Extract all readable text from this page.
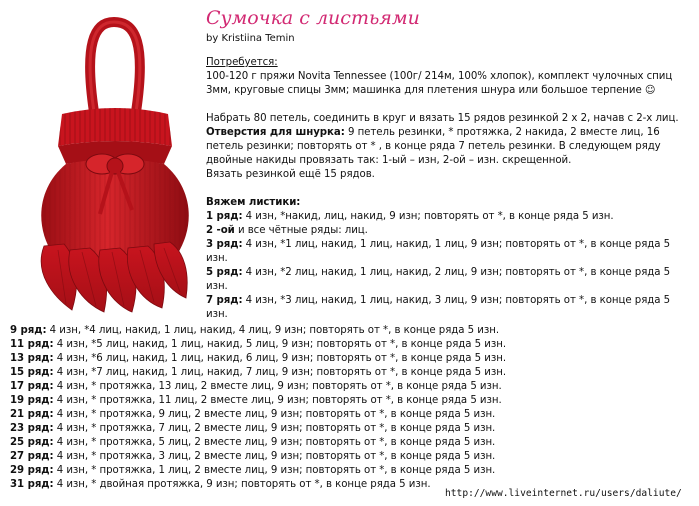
Сумочка с листьями
by Kristiina Temin
Потребуется:
100-120 г пряжи Novita Tennessee (100г/ 214м, 100% хлопок), комплект чулочных спиц
3мм, круговые спицы 3мм; машинка для плетения шнура или большое терпение ☺
Набрать 80 петель, соединить в круг и вязать 15 рядов резинкой 2 х 2, начав с 2-х лиц.
Отверстия для шнурка: 9 петель резинки, * протяжка, 2 накида, 2 вместе лиц, 16
петель резинки; повторять от * , в конце ряда 7 петель резинки. В следующем ряду
двойные накиды провязать так: 1-ый – изн, 2-ой – изн. скрещенной.
Вязать резинкой ещё 15 рядов.
Вяжем листики:
1 ряд: 4 изн, *накид, лиц, накид, 9 изн; повторять от *, в конце ряда 5 изн.
2 -ой и все чётные ряды: лиц.
3 ряд: 4 изн, *1 лиц, накид, 1 лиц, накид, 1 лиц, 9 изн; повторять от *, в конце ряда 5
изн.
5 ряд: 4 изн, *2 лиц, накид, 1 лиц, накид, 2 лиц, 9 изн; повторять от *, в конце ряда 5
изн.
7 ряд: 4 изн, *3 лиц, накид, 1 лиц, накид, 3 лиц, 9 изн; повторять от *, в конце ряда 5
изн.
9 ряд: 4 изн, *4 лиц, накид, 1 лиц, накид, 4 лиц, 9 изн; повторять от *, в конце ряда 5 изн.
11 ряд: 4 изн, *5 лиц, накид, 1 лиц, накид, 5 лиц, 9 изн; повторять от *, в конце ряда 5 изн.
13 ряд: 4 изн, *6 лиц, накид, 1 лиц, накид, 6 лиц, 9 изн; повторять от *, в конце ряда 5 изн.
15 ряд: 4 изн, *7 лиц, накид, 1 лиц, накид, 7 лиц, 9 изн; повторять от *, в конце ряда 5 изн.
17 ряд: 4 изн, * протяжка, 13 лиц, 2 вместе лиц, 9 изн; повторять от *, в конце ряда 5 изн.
19 ряд: 4 изн, * протяжка, 11 лиц, 2 вместе лиц, 9 изн; повторять от *, в конце ряда 5 изн.
21 ряд: 4 изн, * протяжка, 9 лиц, 2 вместе лиц, 9 изн; повторять от *, в конце ряда 5 изн.
23 ряд: 4 изн, * протяжка, 7 лиц, 2 вместе лиц, 9 изн; повторять от *, в конце ряда 5 изн.
25 ряд: 4 изн, * протяжка, 5 лиц, 2 вместе лиц, 9 изн; повторять от *, в конце ряда 5 изн.
27 ряд: 4 изн, * протяжка, 3 лиц, 2 вместе лиц, 9 изн; повторять от *, в конце ряда 5 изн.
29 ряд: 4 изн, * протяжка, 1 лиц, 2 вместе лиц, 9 изн; повторять от *, в конце ряда 5 изн.
31 ряд: 4 изн, * двойная протяжка, 9 изн; повторять от *, в конце ряда 5 изн.
http://www.liveinternet.ru/users/daliute/
